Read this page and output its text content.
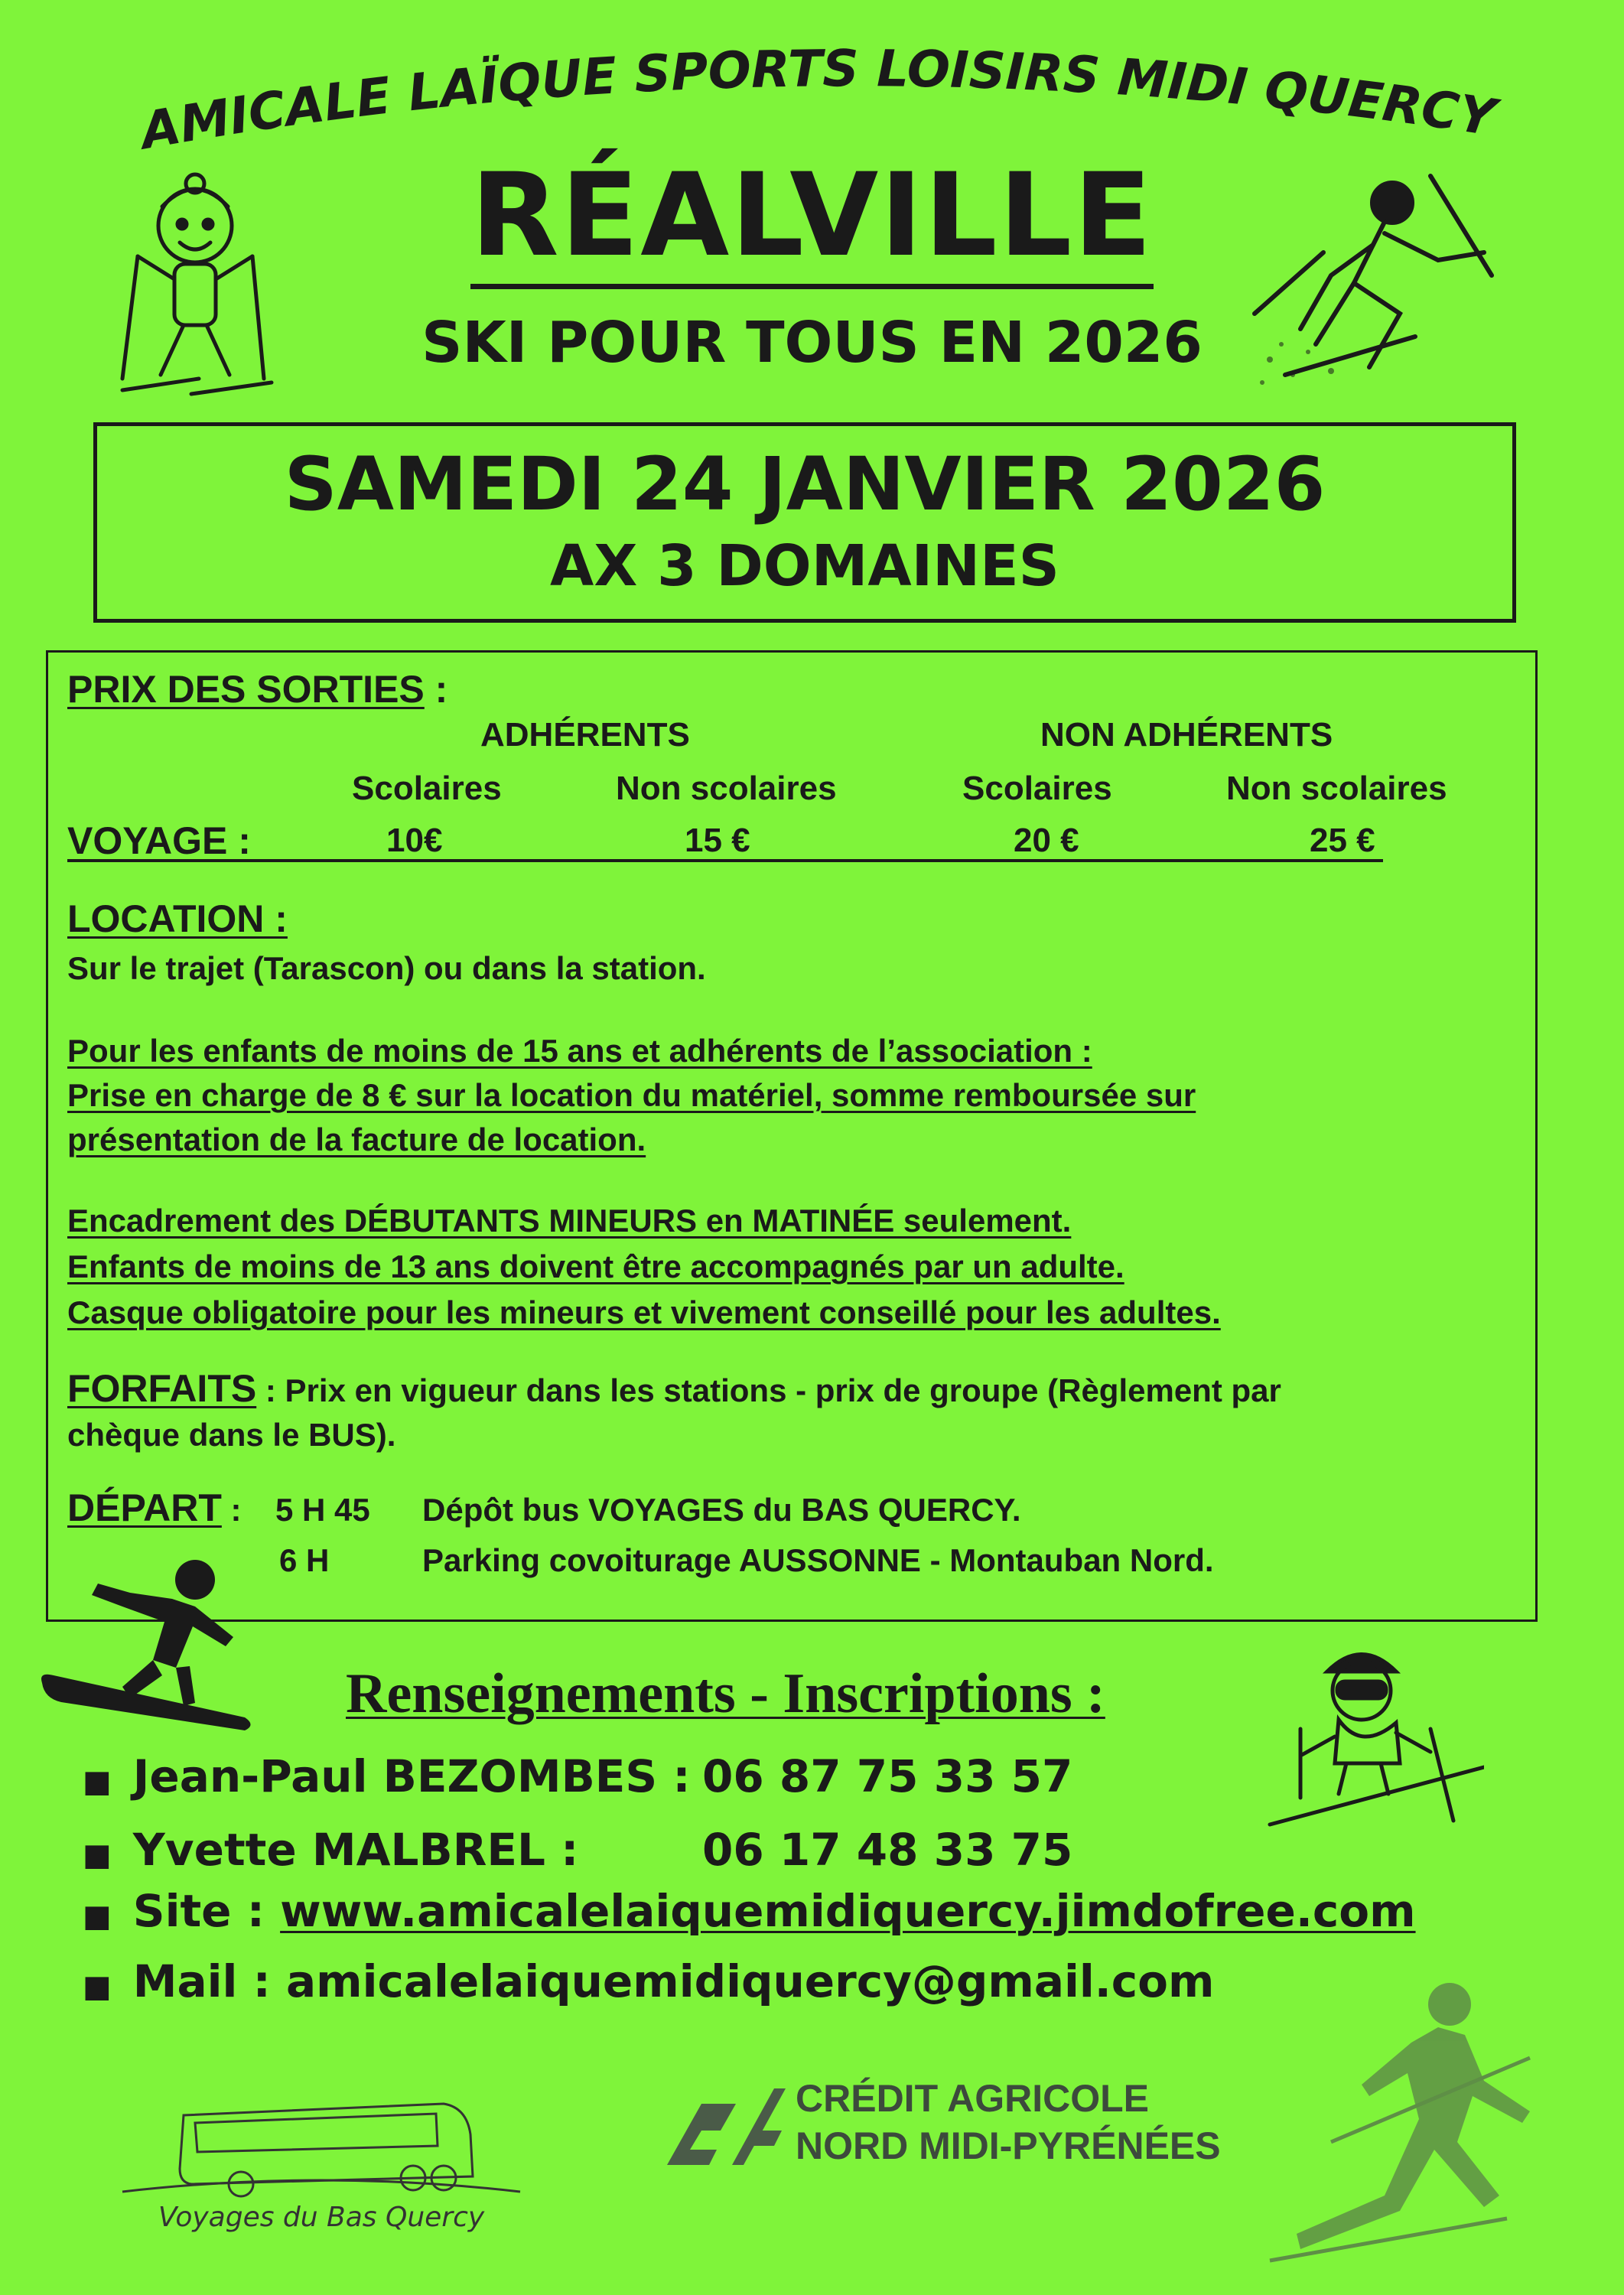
AMICALE LAÏQUE SPORTS LOISIRS MIDI QUERCY
RÉALVILLE
SKI POUR TOUS EN 2026
SAMEDI 24 JANVIER 2026
AX 3 DOMAINES
PRIX DES SORTIES :
ADHÉRENTS	NON ADHÉRENTS
Scolaires	Non scolaires	Scolaires	Non scolaires
VOYAGE :	10€	15 €	20 €	25 €
LOCATION :
Sur le trajet (Tarascon) ou dans la station.
Pour les enfants de moins de 15 ans et adhérents de l’association :
Prise en charge de 8 € sur la location du matériel, somme remboursée sur
présentation de la facture de location.
Encadrement des DÉBUTANTS MINEURS en MATINÉE seulement.
Enfants de moins de 13 ans doivent être accompagnés par un adulte.
Casque obligatoire pour les mineurs et vivement conseillé pour les adultes.
FORFAITS : Prix en vigueur dans les stations - prix de groupe (Règlement par
chèque dans le BUS).
DÉPART : 5 H 45 Dépôt bus VOYAGES du BAS QUERCY.
6 H	Parking covoiturage AUSSONNE - Montauban Nord.
Renseignements - Inscriptions :
■ Jean-Paul BEZOMBES : 06 87 75 33 57
■ Yvette MALBREL :	06 17 48 33 75
■ Site : www.amicalelaiquemidiquercy.jimdofree.com
■ Mail : amicalelaiquemidiquercy@gmail.com
Voyages du Bas Quercy
CRÉDIT AGRICOLE
NORD MIDI-PYRÉNÉES
